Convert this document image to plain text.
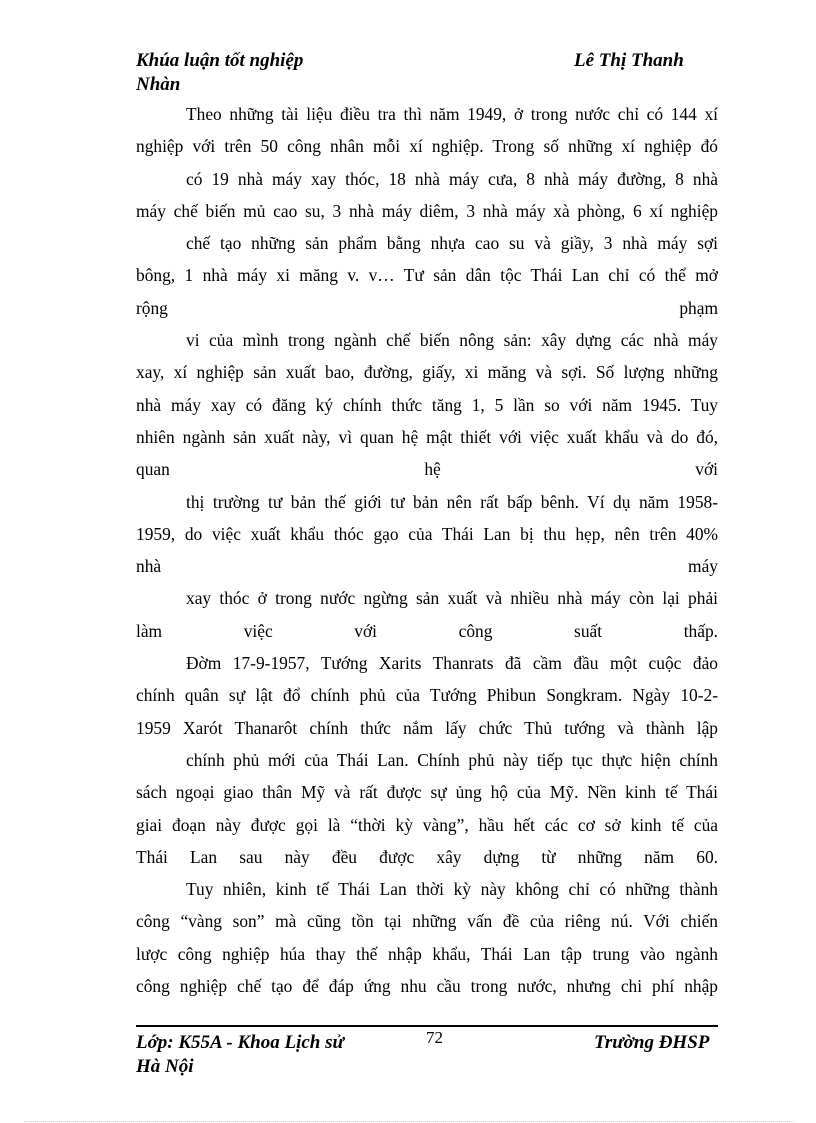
Khúa luận tốt nghiệp
Nhàn
Lê Thị Thanh
Theo những tài liệu điều tra thì năm 1949, ở trong nước chỉ có 144 xí
nghiệp với trên 50 công nhân mỗi xí nghiệp. Trong số những xí nghiệp đó
có 19 nhà máy xay thóc, 18 nhà máy cưa, 8 nhà máy đường, 8 nhà
máy chế biến mủ cao su, 3 nhà máy diêm, 3 nhà máy xà phòng, 6 xí nghiệp
chế tạo những sản phẩm bằng nhựa cao su và giầy, 3 nhà máy sợi
bông, 1 nhà máy xi măng v. v… Tư sản dân tộc Thái Lan chỉ có thể mở
rộng phạm
vi của mình trong ngành chế biến nông sản: xây dựng các nhà máy
xay, xí nghiệp sản xuất bao, đường, giấy, xi măng và sợi. Số lượng những
nhà máy xay có đăng ký chính thức tăng 1, 5 lần so với năm 1945. Tuy
nhiên ngành sản xuất này, vì quan hệ mật thiết với việc xuất khẩu và do đó,
quan hệ với
thị trường tư bản thế giới tư bản nên rất bấp bênh. Ví dụ năm 1958-
1959, do việc xuất khẩu thóc gạo của Thái Lan bị thu hẹp, nên trên 40%
nhà máy
xay thóc ở trong nước ngừng sản xuất và nhiều nhà máy còn lại phải
làm việc với công suất thấp.
Đờm 17-9-1957, Tướng Xarits Thanrats đã cầm đầu một cuộc đảo
chính quân sự lật đổ chính phủ của Tướng Phibun Songkram. Ngày 10-2-
1959 Xarót Thanarôt chính thức nắm lấy chức Thủ tướng và thành lập
chính phủ mới của Thái Lan. Chính phủ này tiếp tục thực hiện chính
sách ngoại giao thân Mỹ và rất được sự ủng hộ của Mỹ. Nền kinh tế Thái
giai đoạn này được gọi là “thời kỳ vàng”, hầu hết các cơ sở kinh tế của
Thái Lan sau này đều được xây dựng từ những năm 60.
Tuy nhiên, kinh tế Thái Lan thời kỳ này không chỉ có những thành
công “vàng son” mà cũng tồn tại những vấn đề của riêng nú. Với chiến
lược công nghiệp húa thay thế nhập khẩu, Thái Lan tập trung vào ngành
công nghiệp chế tạo để đáp ứng nhu cầu trong nước, nhưng chi phí nhập
Lớp: K55A - Khoa Lịch sử
Hà Nội
72	Trường ĐHSP
